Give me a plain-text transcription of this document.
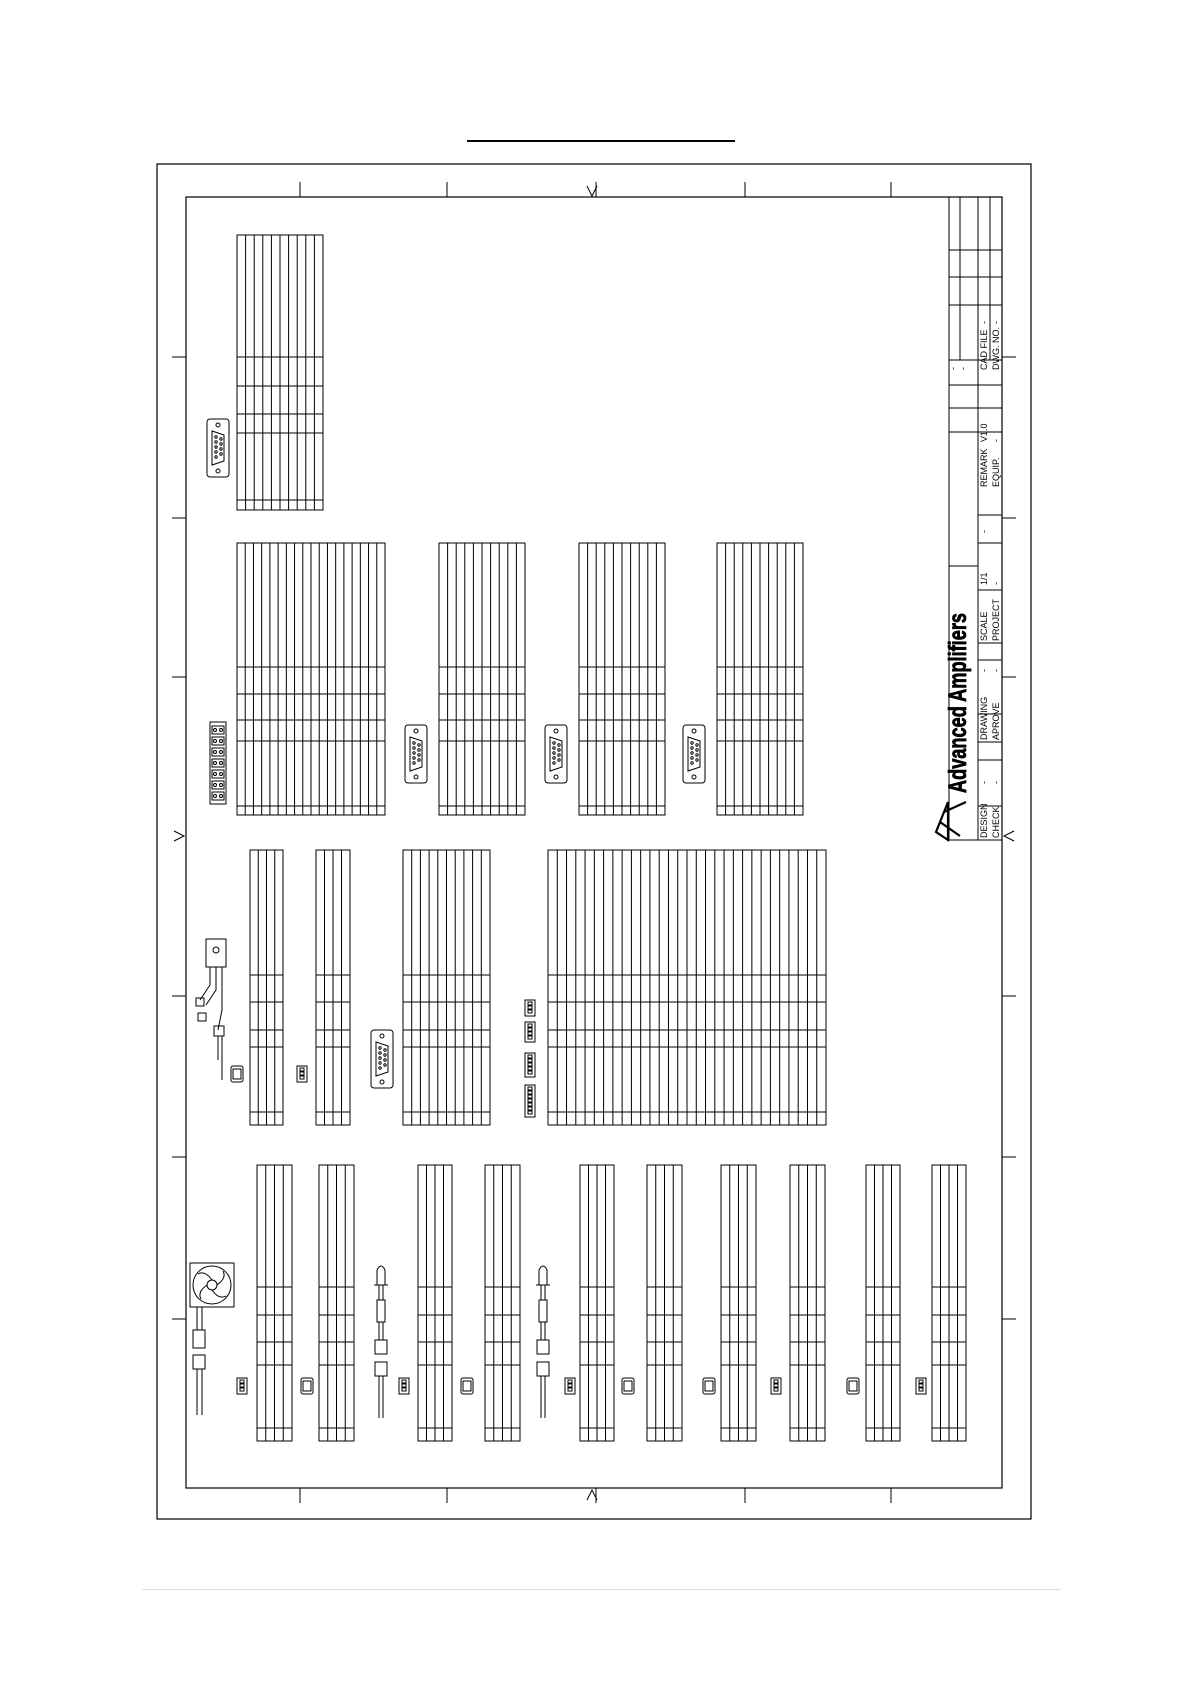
DESIGN
-
CHECK
-
DRAWING
-
APROVE
-
SCALE
1/1
PROJECT
-
-
REMARK
V1.0
EQUIP.
-
CAD FILE
-
DWG. NO.
-
- -
Advanced Amplifiers
